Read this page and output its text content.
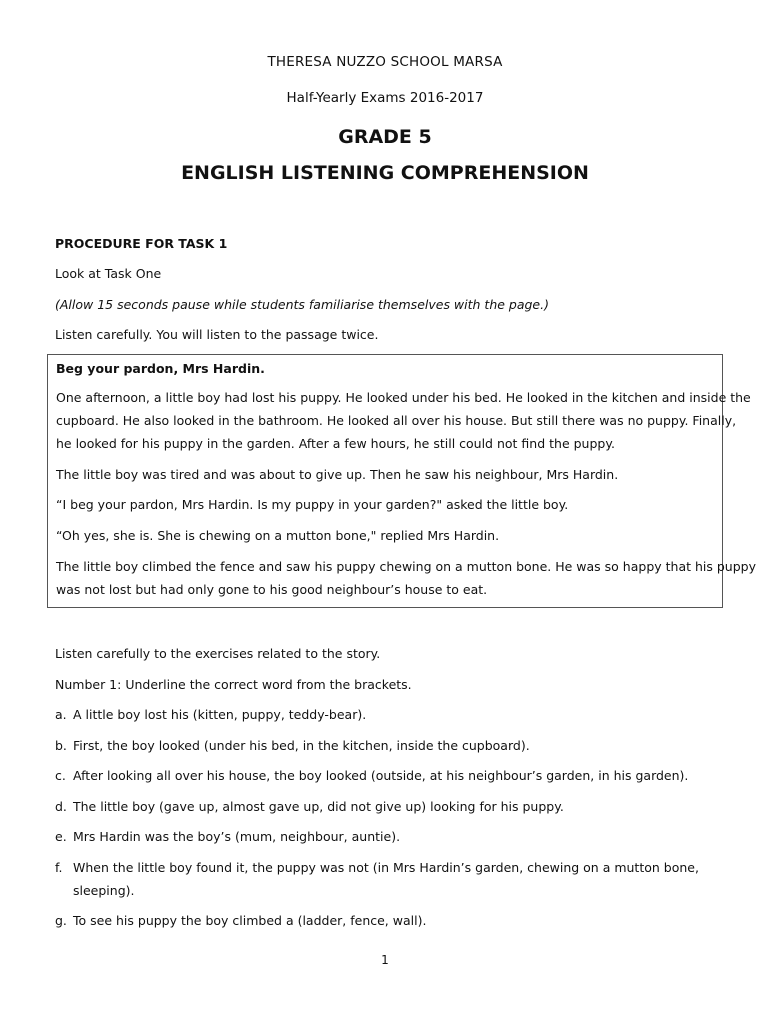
THERESA NUZZO SCHOOL MARSA
Half-Yearly Exams 2016-2017
GRADE 5
ENGLISH LISTENING COMPREHENSION
PROCEDURE FOR TASK 1
Look at Task One
(Allow 15 seconds pause while students familiarise themselves with the page.)
Listen carefully. You will listen to the passage twice.
Beg your pardon, Mrs Hardin.
One afternoon, a little boy had lost his puppy. He looked under his bed. He looked in the kitchen and inside the
cupboard. He also looked in the bathroom. He looked all over his house. But still there was no puppy. Finally,
he looked for his puppy in the garden. After a few hours, he still could not find the puppy.
The little boy was tired and was about to give up. Then he saw his neighbour, Mrs Hardin.
“I beg your pardon, Mrs Hardin. Is my puppy in your garden?" asked the little boy.
“Oh yes, she is. She is chewing on a mutton bone," replied Mrs Hardin.
The little boy climbed the fence and saw his puppy chewing on a mutton bone. He was so happy that his puppy
was not lost but had only gone to his good neighbour’s house to eat.
Listen carefully to the exercises related to the story.
Number 1: Underline the correct word from the brackets.
a. A little boy lost his (kitten, puppy, teddy-bear).
b. First, the boy looked (under his bed, in the kitchen, inside the cupboard).
c. After looking all over his house, the boy looked (outside, at his neighbour’s garden, in his garden).
d. The little boy (gave up, almost gave up, did not give up) looking for his puppy.
e. Mrs Hardin was the boy’s (mum, neighbour, auntie).
f. When the little boy found it, the puppy was not (in Mrs Hardin’s garden, chewing on a mutton bone,
sleeping).
g. To see his puppy the boy climbed a (ladder, fence, wall).
1
